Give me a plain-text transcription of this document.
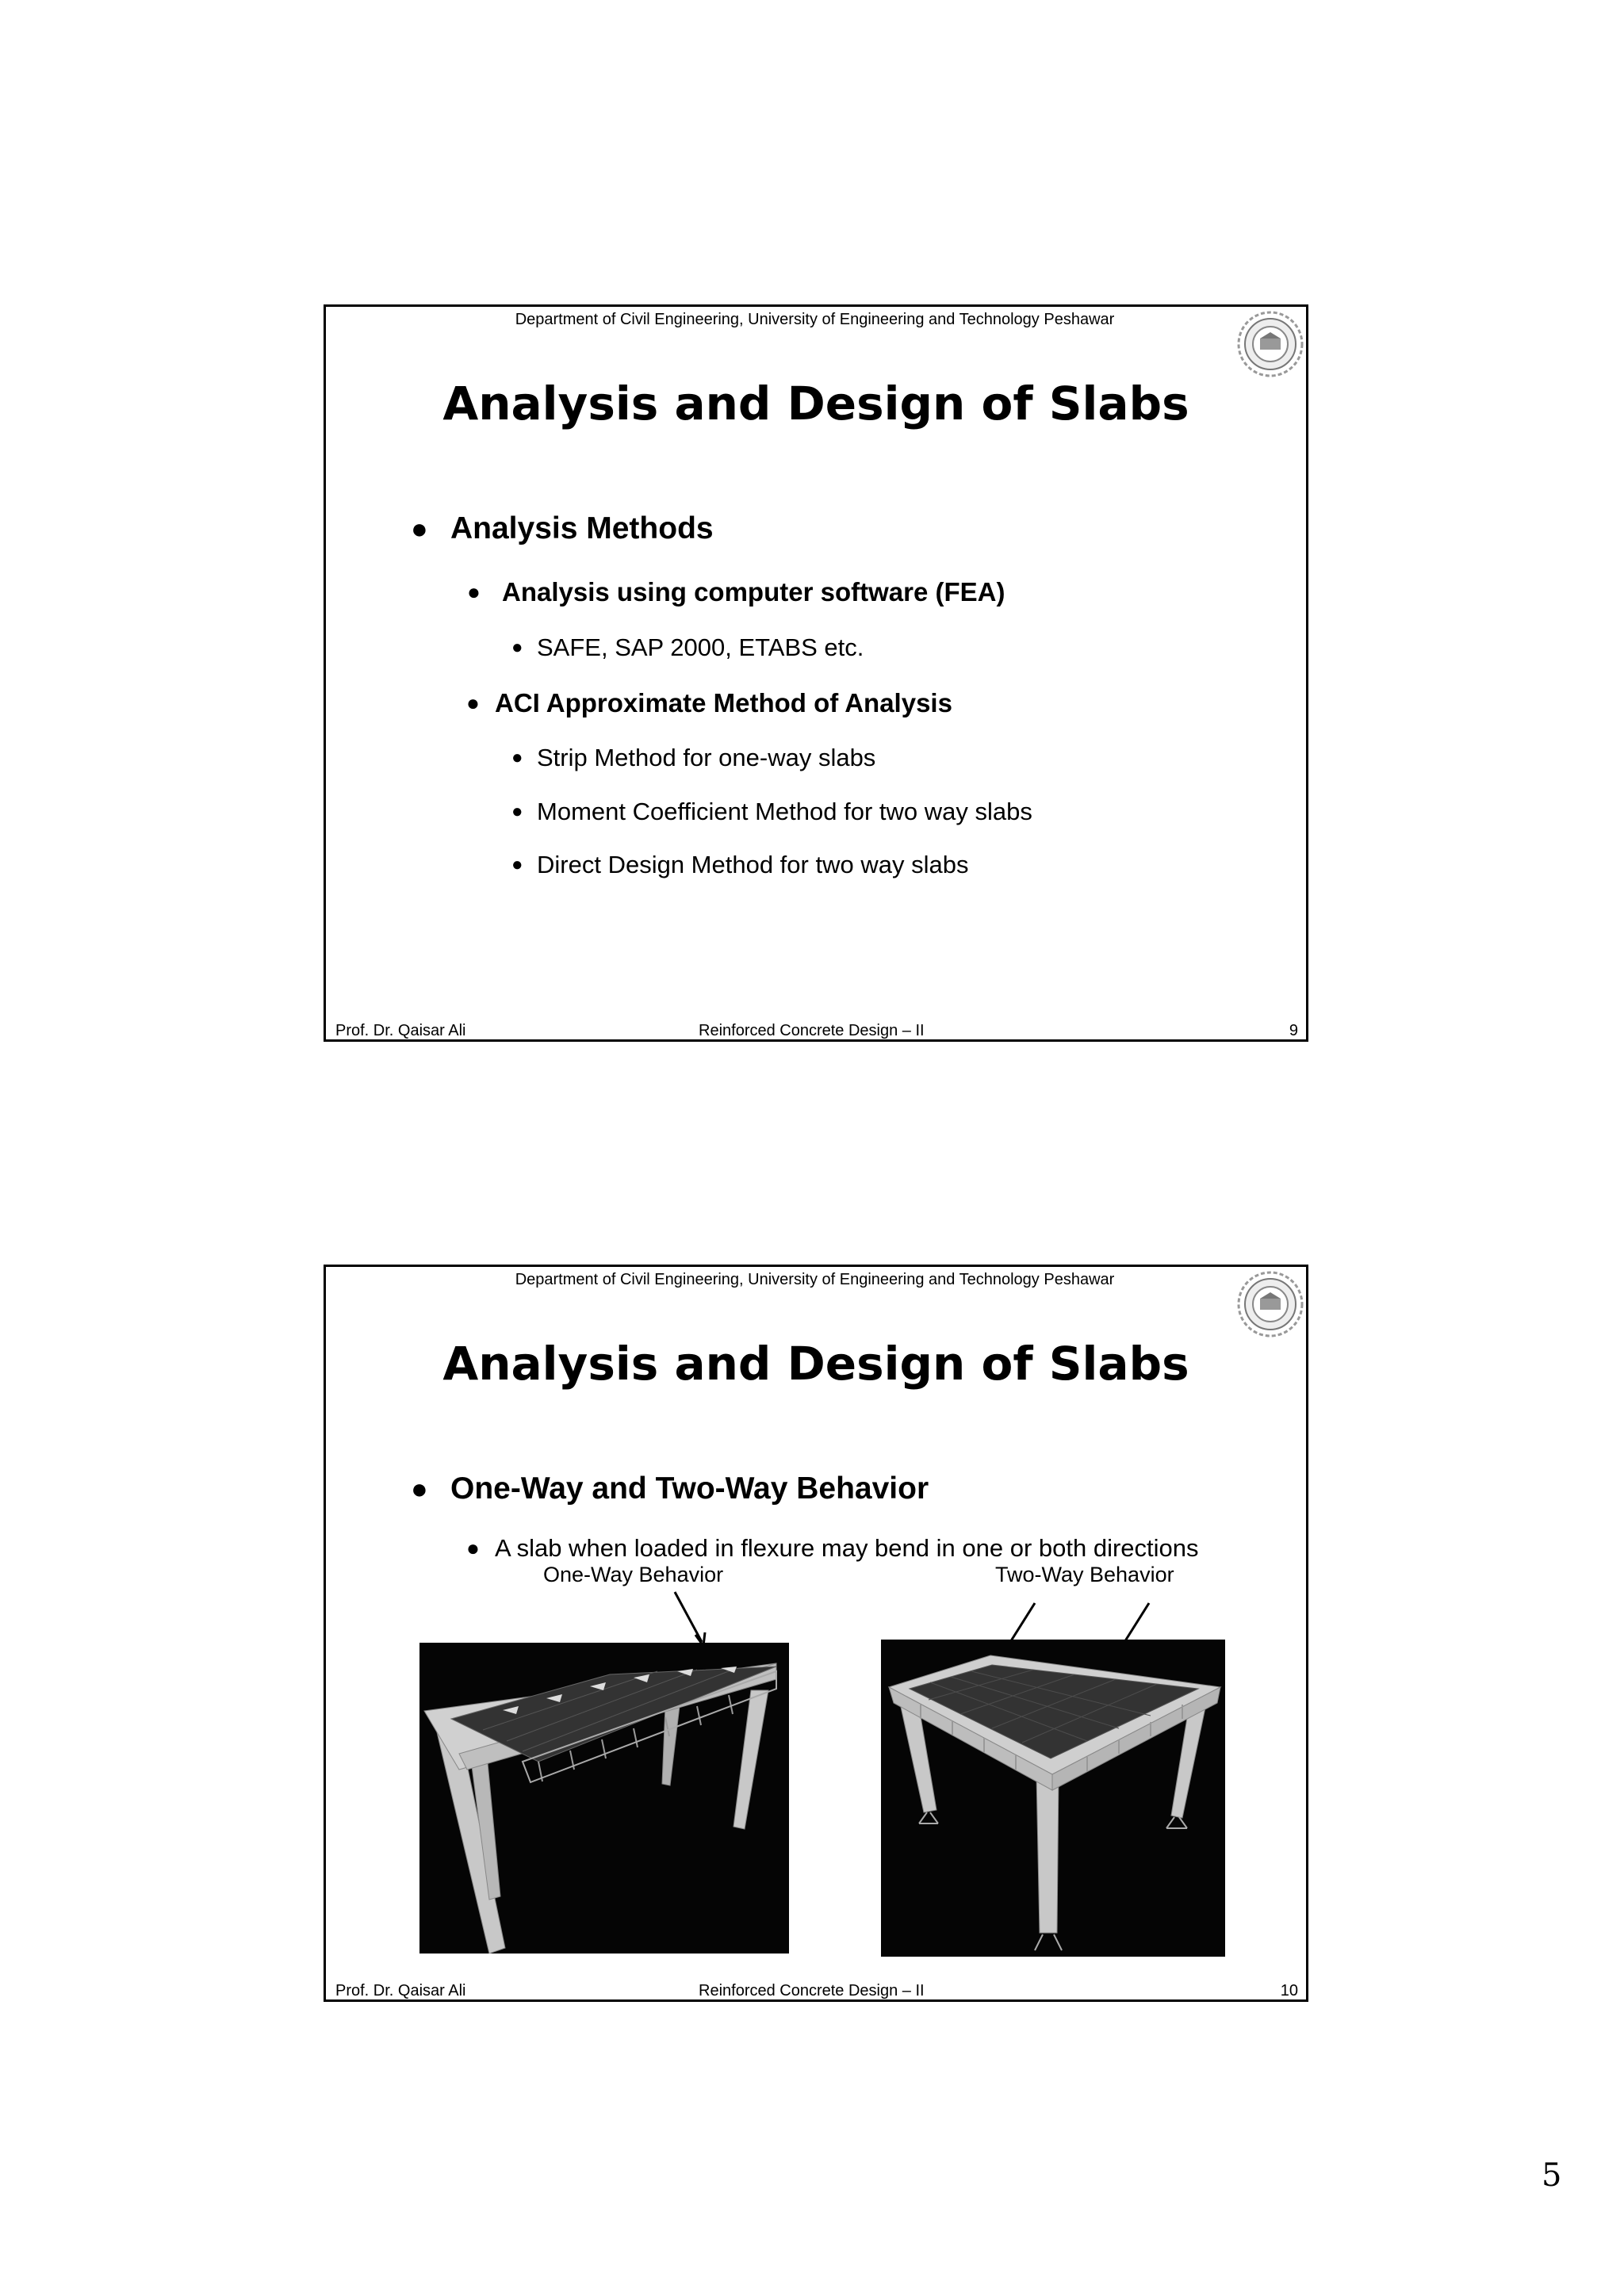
Department of Civil Engineering, University of Engineering and Technology Peshawar
Analysis and Design of Slabs
● Analysis Methods
● Analysis using computer software (FEA)
● SAFE, SAP 2000, ETABS etc.
● ACI Approximate Method of Analysis
● Strip Method for one-way slabs
● Moment Coefficient Method for two way slabs
● Direct Design Method for two way slabs
Prof. Dr. Qaisar Ali	Reinforced Concrete Design – II	9
Department of Civil Engineering, University of Engineering and Technology Peshawar
Analysis and Design of Slabs
● One-Way and Two-Way Behavior
● A slab when loaded in flexure may bend in one or both directions
One-Way Behavior	Two-Way Behavior
Prof. Dr. Qaisar Ali	Reinforced Concrete Design – II	10
5
